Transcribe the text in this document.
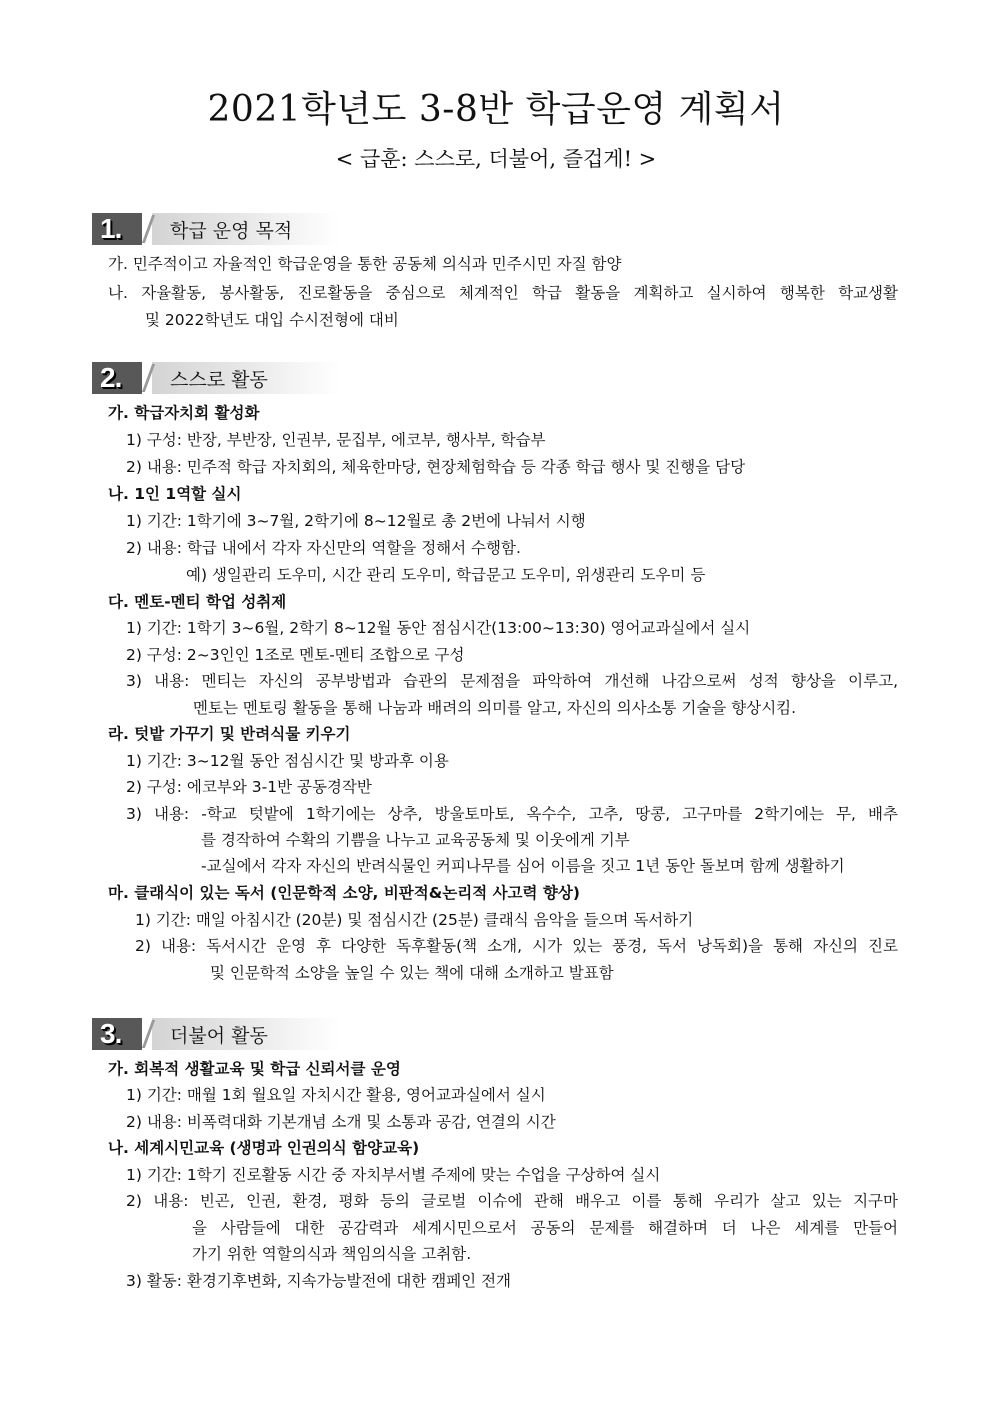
2021학년도 3-8반 학급운영 계획서
< 급훈: 스스로, 더불어, 즐겁게! >
1.	학급 운영 목적
가. 민주적이고 자율적인 학급운영을 통한 공동체 의식과 민주시민 자질 함양
나. 자율활동, 봉사활동, 진로활동을 중심으로 체계적인 학급 활동을 계획하고 실시하여 행복한 학교생활
및 2022학년도 대입 수시전형에 대비
2.	스스로 활동
가. 학급자치회 활성화
1) 구성: 반장, 부반장, 인권부, 문집부, 에코부, 행사부, 학습부
2) 내용: 민주적 학급 자치회의, 체육한마당, 현장체험학습 등 각종 학급 행사 및 진행을 담당
나. 1인 1역할 실시
1) 기간: 1학기에 3~7월, 2학기에 8~12월로 총 2번에 나눠서 시행
2) 내용: 학급 내에서 각자 자신만의 역할을 정해서 수행함.
예) 생일관리 도우미, 시간 관리 도우미, 학급문고 도우미, 위생관리 도우미 등
다. 멘토-멘티 학업 성취제
1) 기간: 1학기 3~6월, 2학기 8~12월 동안 점심시간(13:00~13:30) 영어교과실에서 실시
2) 구성: 2~3인인 1조로 멘토-멘티 조합으로 구성
3) 내용: 멘티는 자신의 공부방법과 습관의 문제점을 파악하여 개선해 나감으로써 성적 향상을 이루고,
멘토는 멘토링 활동을 통해 나눔과 배려의 의미를 알고, 자신의 의사소통 기술을 향상시킴.
라. 텃밭 가꾸기 및 반려식물 키우기
1) 기간: 3~12월 동안 점심시간 및 방과후 이용
2) 구성: 에코부와 3-1반 공동경작반
3) 내용: -학교 텃밭에 1학기에는 상추, 방울토마토, 옥수수, 고추, 땅콩, 고구마를 2학기에는 무, 배추
를 경작하여 수확의 기쁨을 나누고 교육공동체 및 이웃에게 기부
-교실에서 각자 자신의 반려식물인 커피나무를 심어 이름을 짓고 1년 동안 돌보며 함께 생활하기
마. 클래식이 있는 독서 (인문학적 소양, 비판적&논리적 사고력 향상)
1) 기간: 매일 아침시간 (20분) 및 점심시간 (25분) 클래식 음악을 들으며 독서하기
2) 내용: 독서시간 운영 후 다양한 독후활동(책 소개, 시가 있는 풍경, 독서 낭독회)을 통해 자신의 진로
및 인문학적 소양을 높일 수 있는 책에 대해 소개하고 발표함
3.	더불어 활동
가. 회복적 생활교육 및 학급 신뢰서클 운영
1) 기간: 매월 1회 월요일 자치시간 활용, 영어교과실에서 실시
2) 내용: 비폭력대화 기본개념 소개 및 소통과 공감, 연결의 시간
나. 세계시민교육 (생명과 인권의식 함양교육)
1) 기간: 1학기 진로활동 시간 중 자치부서별 주제에 맞는 수업을 구상하여 실시
2) 내용: 빈곤, 인권, 환경, 평화 등의 글로벌 이슈에 관해 배우고 이를 통해 우리가 살고 있는 지구마
을 사람들에 대한 공감력과 세계시민으로서 공동의 문제를 해결하며 더 나은 세계를 만들어
가기 위한 역할의식과 책임의식을 고취함.
3) 활동: 환경기후변화, 지속가능발전에 대한 캠페인 전개
